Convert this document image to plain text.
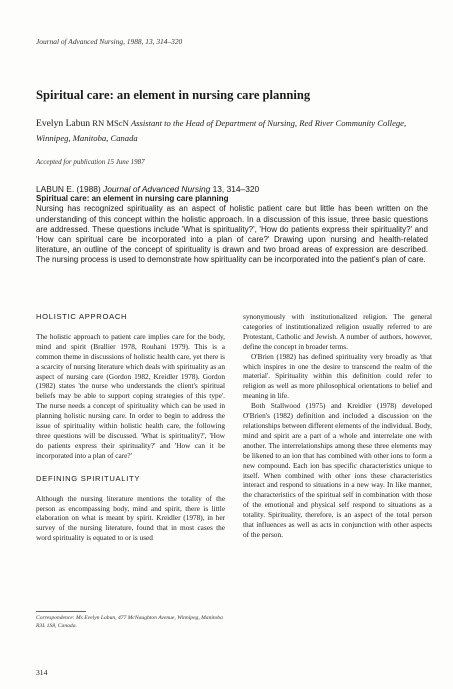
Journal of Advanced Nursing, 1988, 13, 314–320
Spiritual care: an element in nursing care planning
Evelyn Labun RN MScN Assistant to the Head of Department of Nursing, Red River Community College, Winnipeg, Manitoba, Canada
Accepted for publication 15 June 1987
LABUN E. (1988) Journal of Advanced Nursing 13, 314–320
Spiritual care: an element in nursing care planning
Nursing has recognized spirituality as an aspect of holistic patient care but little has been written on the understanding of this concept within the holistic approach. In a discussion of this issue, three basic questions are addressed. These questions include 'What is spirituality?', 'How do patients express their spirituality?' and 'How can spiritual care be incorporated into a plan of care?' Drawing upon nursing and health-related literature, an outline of the concept of spirituality is drawn and two broad areas of expression are described. The nursing process is used to demonstrate how spirituality can be incorporated into the patient's plan of care.
HOLISTIC APPROACH

The holistic approach to patient care implies care for the body, mind and spirit (Brallier 1978, Rouhani 1979). This is a common theme in discussions of holistic health care, yet there is a scarcity of nursing literature which deals with spirituality as an aspect of nursing care (Gordon 1982, Kreidler 1978). Gordon (1982) states 'the nurse who understands the client's spiritual beliefs may be able to support coping strategies of this type'. The nurse needs a concept of spirituality which can be used in planning holistic nursing care. In order to begin to address the issue of spirituality within holistic health care, the following three questions will be discussed. 'What is spirituality?', 'How do patients express their spirituality?' and 'How can it be incorporated into a plan of care?'

DEFINING SPIRITUALITY

Although the nursing literature mentions the totality of the person as encompassing body, mind and spirit, there is little elaboration on what is meant by spirit. Kreidler (1978), in her survey of the nursing literature, found that in most cases the word spirituality is equated to or is used

synonymously with institutionalized religion. The general categories of institutionalized religion usually referred to are Protestant, Catholic and Jewish. A number of authors, however, define the concept in broader terms.

O'Brien (1982) has defined spirituality very broadly as 'that which inspires in one the desire to transcend the realm of the material'. Spirituality within this definition could refer to religion as well as more philosophical orientations to belief and meaning in life.

Both Stallwood (1975) and Kreidler (1978) developed O'Brien's (1982) definition and included a discussion on the relationships between different elements of the individual. Body, mind and spirit are a part of a whole and interrelate one with another. The interrelationships among these three elements may be likened to an ion that has combined with other ions to form a new compound. Each ion has specific characteristics unique to itself. When combined with other ions these characteristics interact and respond to situations in a new way. In like manner, the characteristics of the spiritual self in combination with those of the emotional and physical self respond to situations as a totality. Spirituality, therefore, is an aspect of the total person that influences as well as acts in conjunction with other aspects of the person.

Correspondence: Ms Evelyn Labun, 477 McNaughton Avenue, Winnipeg, Manitoba R3L 1S8, Canada.
314
